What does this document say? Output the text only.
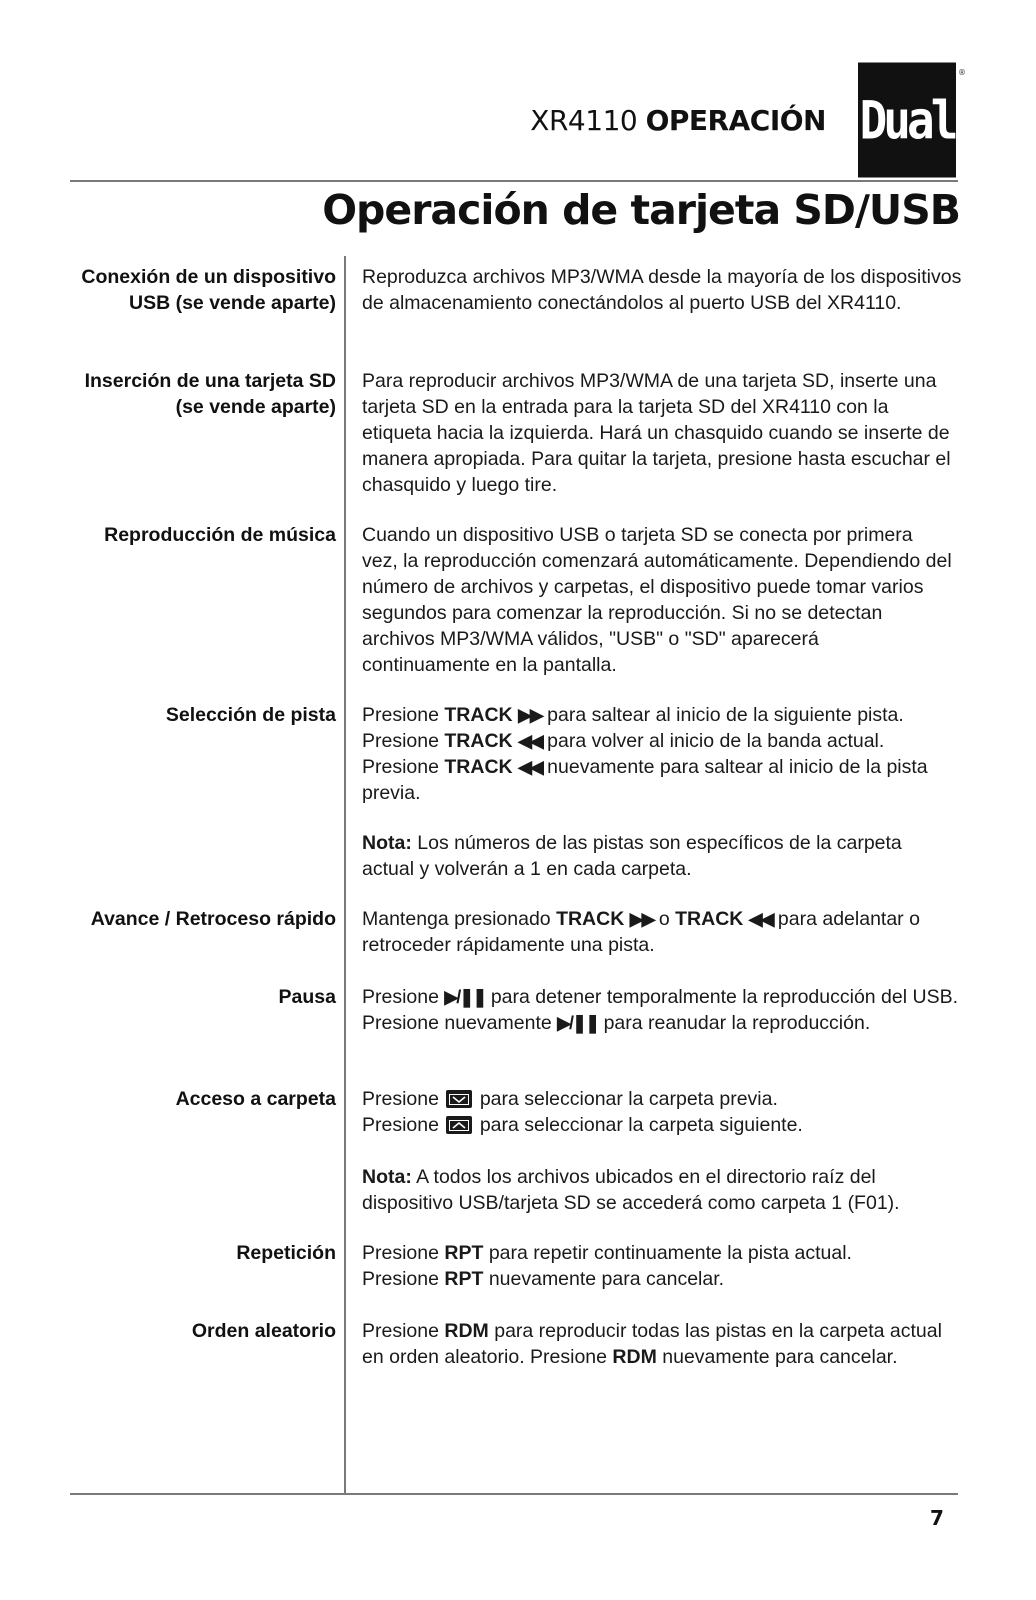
XR4110 OPERACIÓN Dual
®
Operación de tarjeta SD/USB
Conexión de un dispositivo
USB (se vende aparte)
Reproduzca archivos MP3/WMA desde la mayoría de los dispositivos de almacenamiento conectándolos al puerto USB del XR4110.
Inserción de una tarjeta SD
(se vende aparte)
Para reproducir archivos MP3/WMA de una tarjeta SD, inserte una tarjeta SD en la entrada para la tarjeta SD del XR4110 con la etiqueta hacia la izquierda. Hará un chasquido cuando se inserte de manera apropiada. Para quitar la tarjeta, presione hasta escuchar el chasquido y luego tire.
Reproducción de música Cuando un dispositivo USB o tarjeta SD se conecta por primera vez, la reproducción comenzará automáticamente. Dependiendo del número de archivos y carpetas, el dispositivo puede tomar varios segundos para comenzar la reproducción. Si no se detectan archivos MP3/WMA válidos, "USB" o "SD" aparecerá continuamente en la pantalla.
Selección de pista Presione TRACK ▶▶ para saltear al inicio de la siguiente pista. Presione TRACK ◀◀ para volver al inicio de la banda actual. Presione TRACK ◀◀ nuevamente para saltear al inicio de la pista previa.
Nota: Los números de las pistas son específicos de la carpeta actual y volverán a 1 en cada carpeta.
Avance / Retroceso rápido Mantenga presionado TRACK ▶▶ o TRACK ◀◀ para adelantar o retroceder rápidamente una pista.
Pausa Presione ▶/❚❚ para detener temporalmente la reproducción del USB. Presione nuevamente ▶/❚❚ para reanudar la reproducción.
Acceso a carpeta Presione para seleccionar la carpeta previa.
Presione para seleccionar la carpeta siguiente.
Nota: A todos los archivos ubicados en el directorio raíz del dispositivo USB/tarjeta SD se accederá como carpeta 1 (F01).
Repetición Presione RPT para repetir continuamente la pista actual.
Presione RPT nuevamente para cancelar.
Orden aleatorio Presione RDM para reproducir todas las pistas en la carpeta actual en orden aleatorio. Presione RDM nuevamente para cancelar.
7
